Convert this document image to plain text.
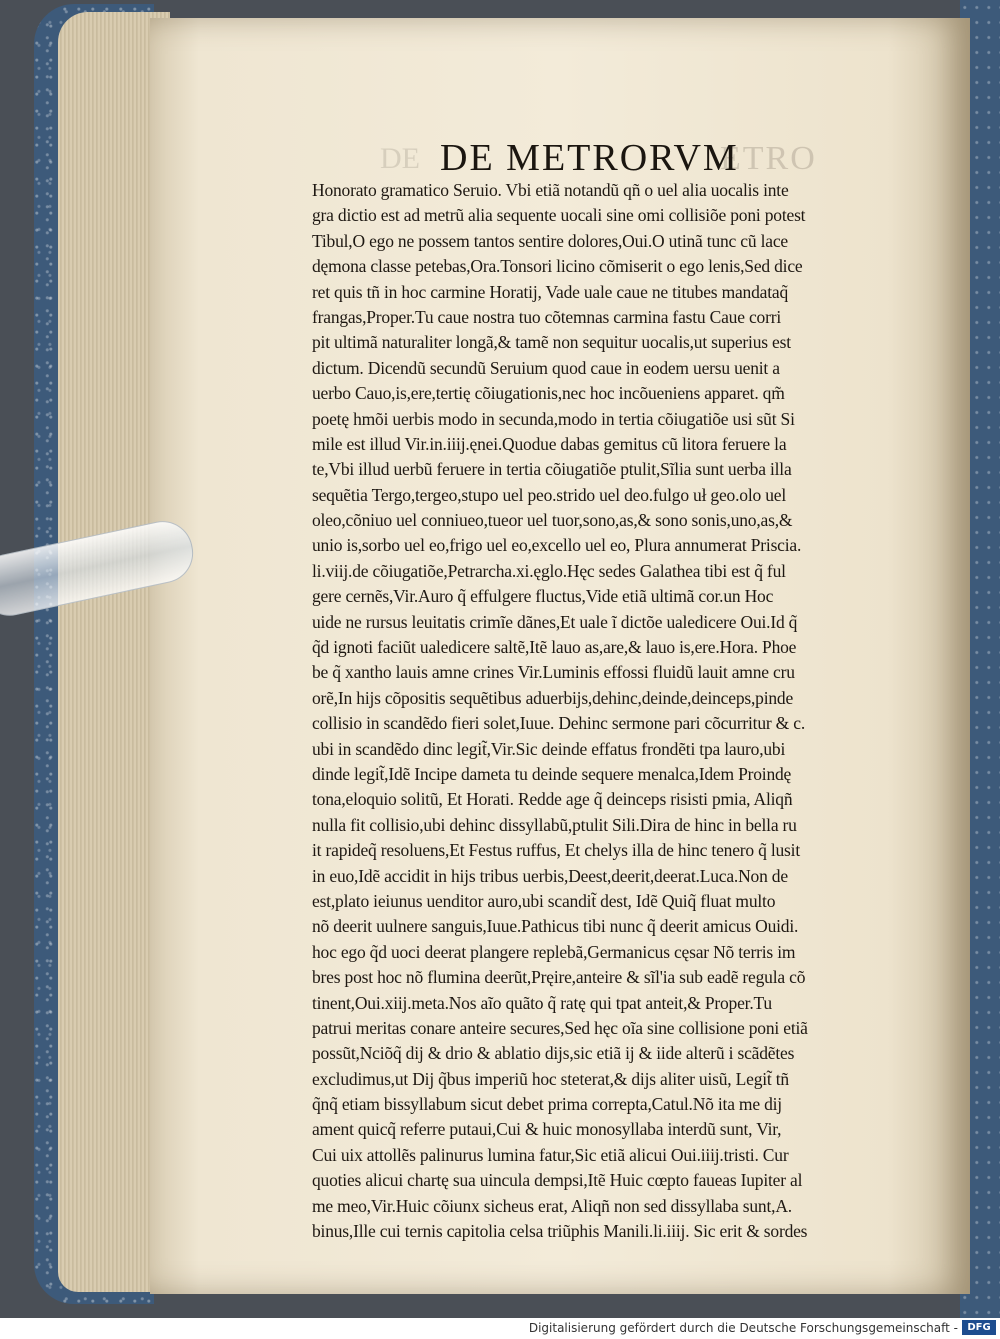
DE	ETRO
DE METRORVM
Honorato gramatico Seruio. Vbi etiã notandũ qñ o uel alia uocalis inte
gra dictio est ad metrũ alia sequente uocali sine omi collisiõe poni potest
Tibul,O ego ne possem tantos sentire dolores,Oui.O utinã tunc cũ lace
dęmona classe petebas,Ora.Tonsori licino cõmiserit o ego lenis,Sed dice
ret quis tñ in hoc carmine Horatij, Vade uale caue ne titubes mandataq̃
frangas,Proper.Tu caue nostra tuo cõtemnas carmina fastu Caue corri
pit ultimã naturaliter longã,& tamẽ non sequitur uocalis,ut superius est
dictum. Dicendũ secundũ Seruium quod caue in eodem uersu uenit a
uerbo Cauo,is,ere,tertię cõiugationis,nec hoc incõueniens apparet. qm̃
poetę hmõi uerbis modo in secunda,modo in tertia cõiugatiõe usi sũt Si
mile est illud Vir.in.iiij.ęnei.Quodue dabas gemitus cũ litora feruere la
te,Vbi illud uerbũ feruere in tertia cõiugatiõe ptulit,Sĩlia sunt uerba illa
sequẽtia Tergo,tergeo,stupo uel peo.strido uel deo.fulgo uł geo.olo uel
oleo,cõniuo uel conniueo,tueor uel tuor,sono,as,& sono sonis,uno,as,&
unio is,sorbo uel eo,frigo uel eo,excello uel eo, Plura annumerat Priscia.
li.viij.de cõiugatiõe,Petrarcha.xi.ęglo.Hęc sedes Galathea tibi est q̃ ful
gere cernẽs,Vir.Auro q̃ effulgere fluctus,Vide etiã ultimã cor.un Hoc
uide ne rursus leuitatis crimĩe dãnes,Et uale ĩ dictõe ualedicere Oui.Id q̃
q̃d ignoti faciũt ualedicere saltẽ,Itẽ lauo as,are,& lauo is,ere.Hora. Phoe
be q̃ xantho lauis amne crines Vir.Luminis effossi fluidũ lauit amne cru
orẽ,In hijs cõpositis sequẽtibus aduerbijs,dehinc,deinde,deinceps,pinde
collisio in scandẽdo fieri solet,Iuue. Dehinc sermone pari cõcurritur & c.
ubi in scandẽdo dinc legit̃,Vir.Sic deinde effatus frondẽti tpa lauro,ubi
dinde legit̃,Idẽ Incipe dameta tu deinde sequere menalca,Idem Proindę
tona,eloquio solitũ, Et Horati. Redde age q̃ deinceps risisti pmia, Aliqñ
nulla fit collisio,ubi dehinc dissyllabũ,ptulit Sili.Dira de hinc in bella ru
it rapideq̃ resoluens,Et Festus ruffus, Et chelys illa de hinc tenero q̃ lusit
in euo,Idẽ accidit in hijs tribus uerbis,Deest,deerit,deerat.Luca.Non de
est,plato ieiunus uenditor auro,ubi scandit̃ dest, Idẽ Quiq̃ fluat multo
nõ deerit uulnere sanguis,Iuue.Pathicus tibi nunc q̃ deerit amicus Ouidi.
hoc ego q̃d uoci deerat plangere replebã,Germanicus cęsar Nõ terris im
bres post hoc nõ flumina deerũt,Pręire,anteire & sĩl'ia sub eadẽ regula cõ
tinent,Oui.xiij.meta.Nos aĩo quãto q̃ ratę qui tpat anteit,& Proper.Tu
patrui meritas conare anteire secures,Sed hęc oĩa sine collisione poni etiã
possũt,Nciõq̃ dij & drio & ablatio dijs,sic etiã ij & iide alterũ i scãdẽtes
excludimus,ut Dij q̃bus imperiũ hoc steterat,& dijs aliter uisũ, Legit̃ tñ
q̃nq̃ etiam bissyllabum sicut debet prima correpta,Catul.Nõ ita me dij
ament quicq̃ referre putaui,Cui & huic monosyllaba interdũ sunt, Vir,
Cui uix attollẽs palinurus lumina fatur,Sic etiã alicui Oui.iiij.tristi. Cur
quoties alicui chartę sua uincula dempsi,Itẽ Huic cœpto faueas Iupiter al
me meo,Vir.Huic cõiunx sicheus erat, Aliqñ non sed dissyllaba sunt,A.
binus,Ille cui ternis capitolia celsa triũphis Manili.li.iiij. Sic erit & sordes
Digitalisierung gefördert durch die Deutsche Forschungsgemeinschaft - DFG
